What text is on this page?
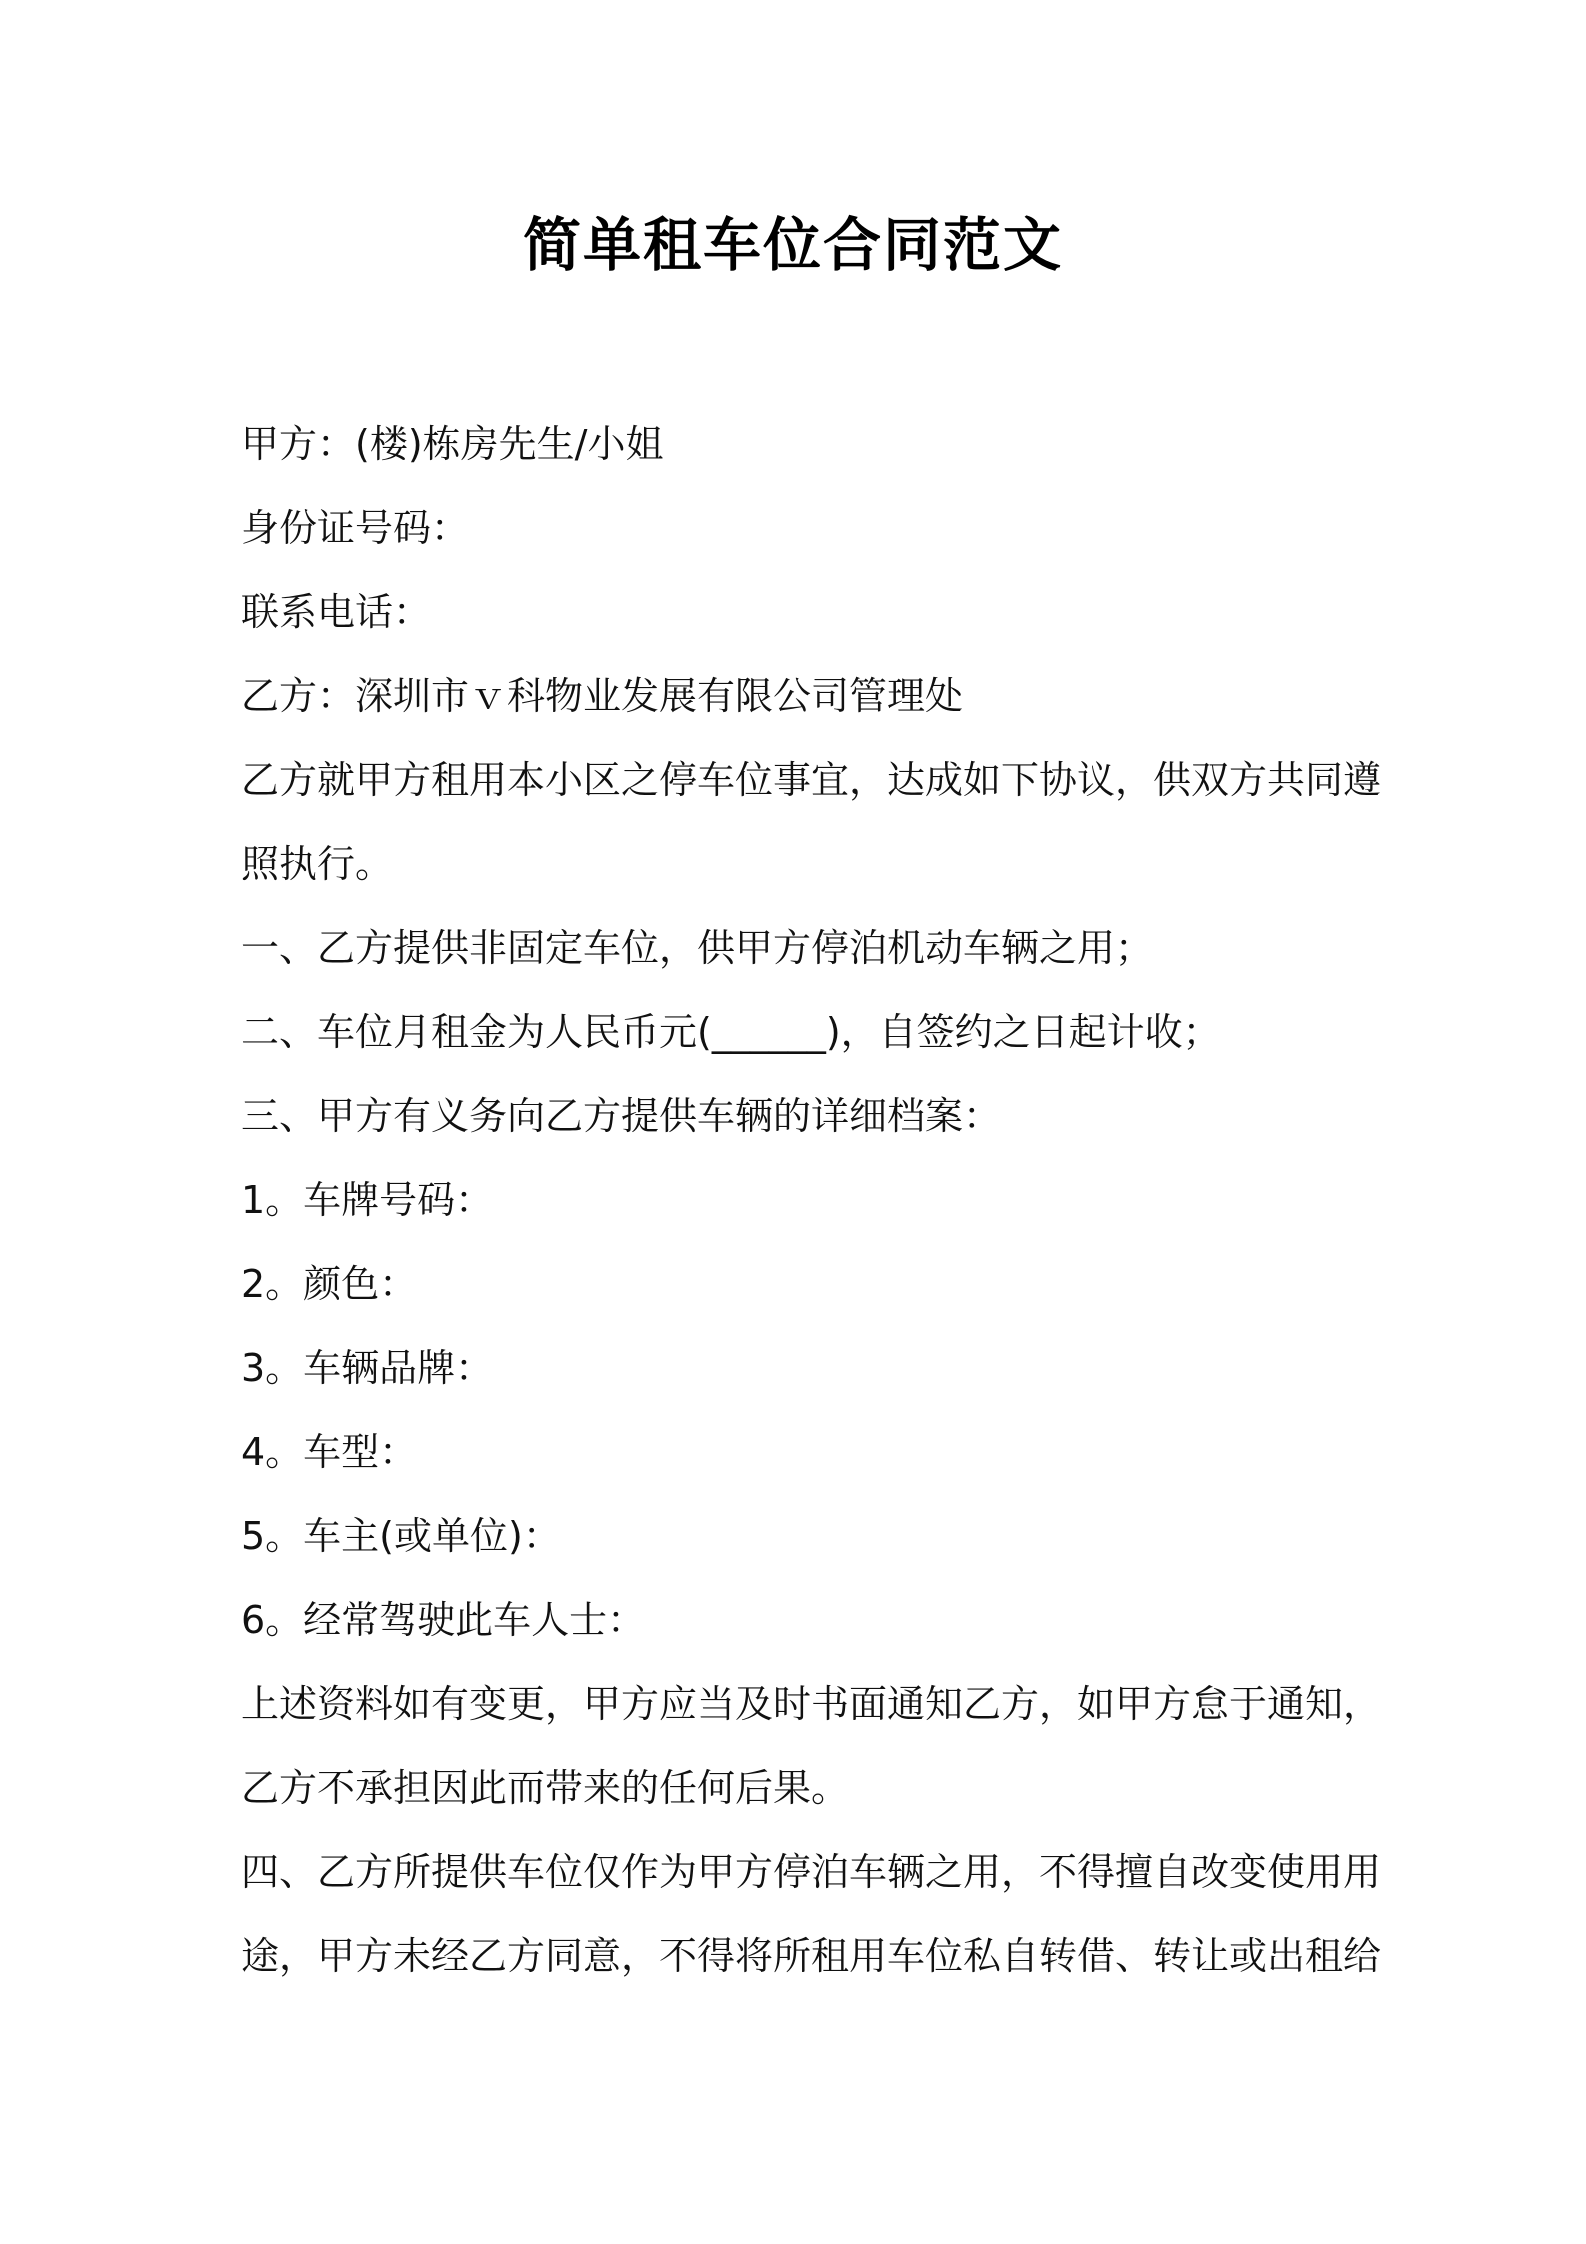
简单租车位合同范文
甲方：(楼)栋房先生/小姐
身份证号码：
联系电话：
乙方：深圳市ｖ科物业发展有限公司管理处
乙方就甲方租用本小区之停车位事宜，达成如下协议，供双方共同遵
照执行。
一、乙方提供非固定车位，供甲方停泊机动车辆之用；
二、车位月租金为人民币元(______)，自签约之日起计收；
三、甲方有义务向乙方提供车辆的详细档案：
1。车牌号码：
2。颜色：
3。车辆品牌：
4。车型：
5。车主(或单位)：
6。经常驾驶此车人士：
上述资料如有变更，甲方应当及时书面通知乙方，如甲方怠于通知，
乙方不承担因此而带来的任何后果。
四、乙方所提供车位仅作为甲方停泊车辆之用，不得擅自改变使用用
途，甲方未经乙方同意，不得将所租用车位私自转借、转让或出租给
